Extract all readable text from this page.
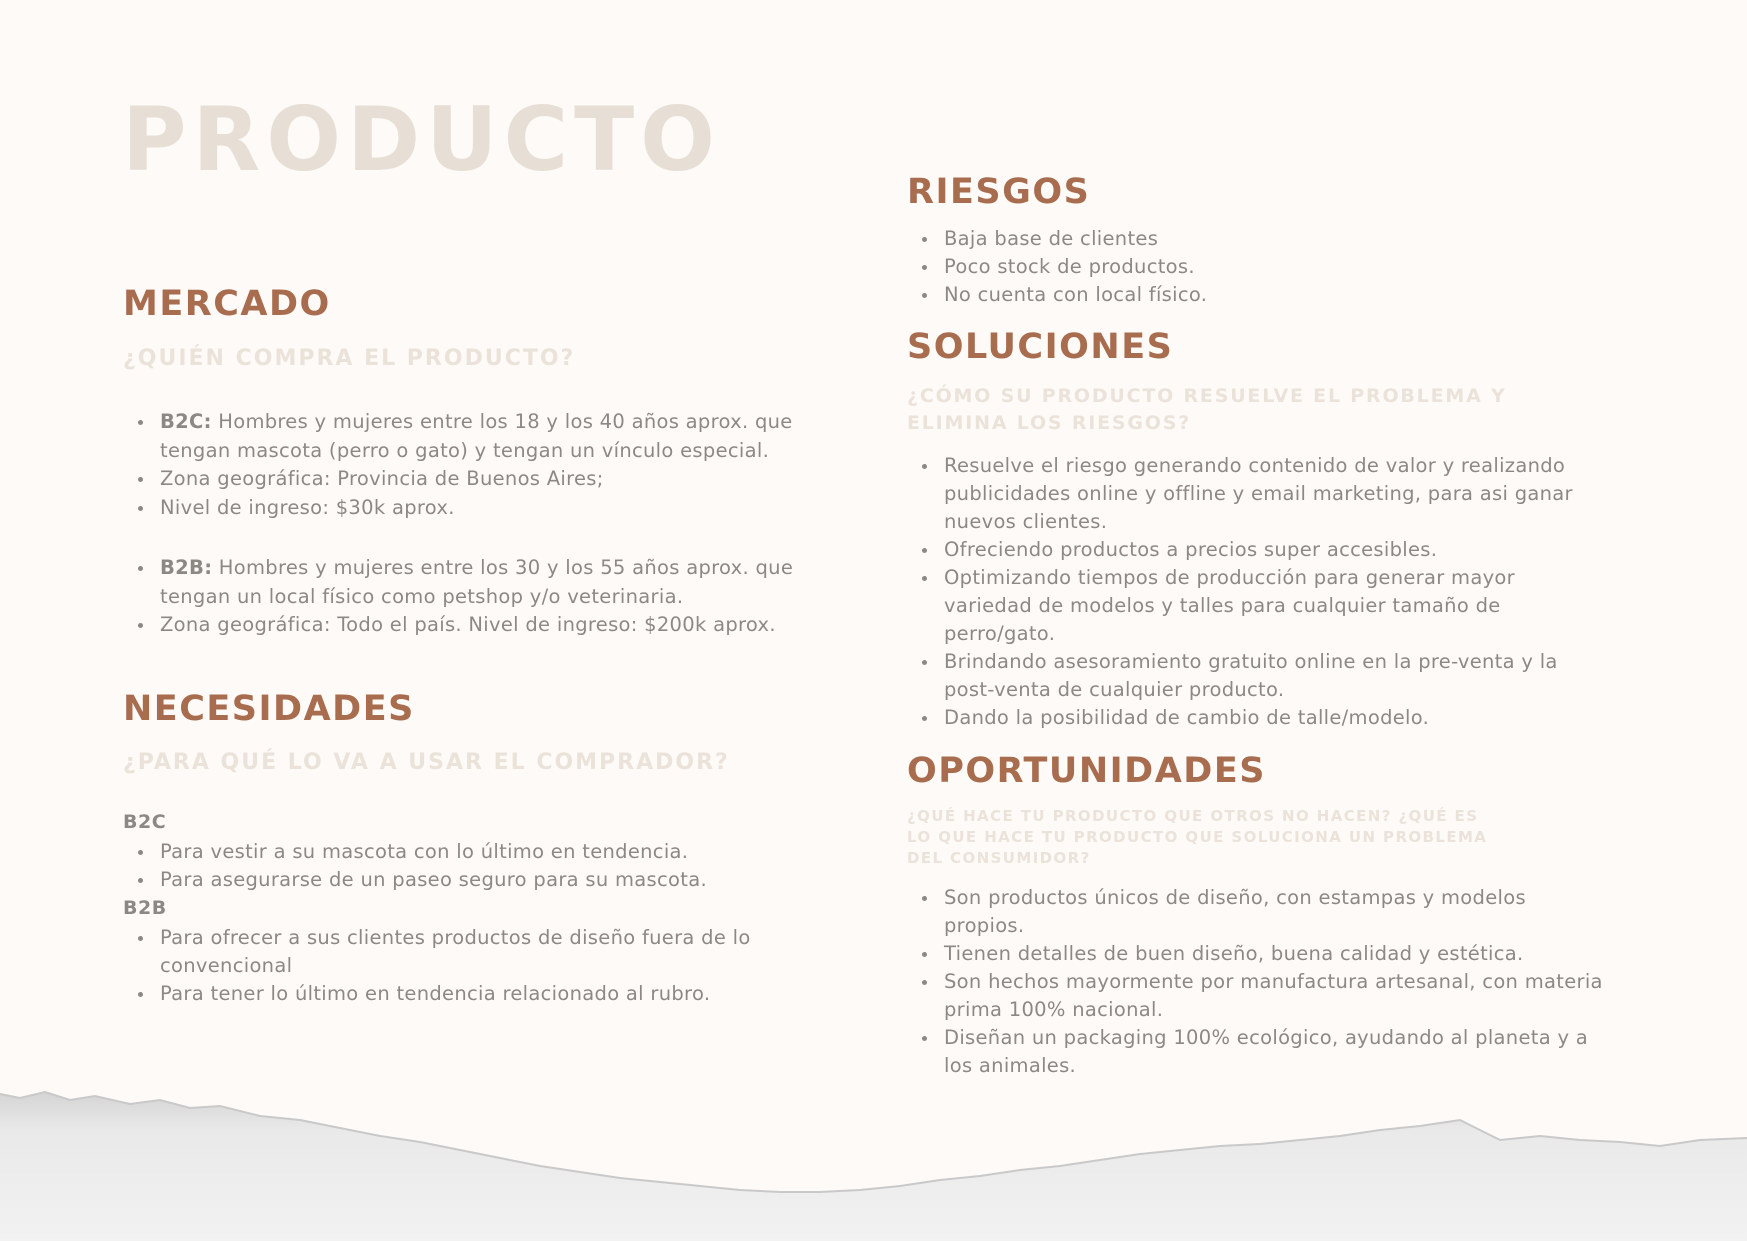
PRODUCTO
MERCADO

¿QUIÉN COMPRA EL PRODUCTO?

B2C: Hombres y mujeres entre los 18 y los 40 años aprox. que tengan mascota (perro o gato) y tengan un vínculo especial.
Zona geográfica: Provincia de Buenos Aires;
Nivel de ingreso: $30k aprox.
B2B: Hombres y mujeres entre los 30 y los 55 años aprox. que tengan un local físico como petshop y/o veterinaria.
Zona geográfica: Todo el país. Nivel de ingreso: $200k aprox.
NECESIDADES

¿PARA QUÉ LO VA A USAR EL COMPRADOR?

B2C

Para vestir a su mascota con lo último en tendencia.
Para asegurarse de un paseo seguro para su mascota.

B2B

Para ofrecer a sus clientes productos de diseño fuera de lo convencional
Para tener lo último en tendencia relacionado al rubro.
RIESGOS
Baja base de clientes
Poco stock de productos.
No cuenta con local físico.
SOLUCIONES

¿CÓMO SU PRODUCTO RESUELVE EL PROBLEMA Y ELIMINA LOS RIESGOS?

Resuelve el riesgo generando contenido de valor y realizando publicidades online y offline y email marketing, para asi ganar nuevos clientes.
Ofreciendo productos a precios super accesibles.
Optimizando tiempos de producción para generar mayor variedad de modelos y talles para cualquier tamaño de perro/gato.
Brindando asesoramiento gratuito online en la pre-venta y la post-venta de cualquier producto.
Dando la posibilidad de cambio de talle/modelo.
OPORTUNIDADES

¿QUÉ HACE TU PRODUCTO QUE OTROS NO HACEN? ¿QUÉ ES LO QUE HACE TU PRODUCTO QUE SOLUCIONA UN PROBLEMA DEL CONSUMIDOR?

Son productos únicos de diseño, con estampas y modelos propios.
Tienen detalles de buen diseño, buena calidad y estética.
Son hechos mayormente por manufactura artesanal, con materia prima 100% nacional.
Diseñan un packaging 100% ecológico, ayudando al planeta y a los animales.
